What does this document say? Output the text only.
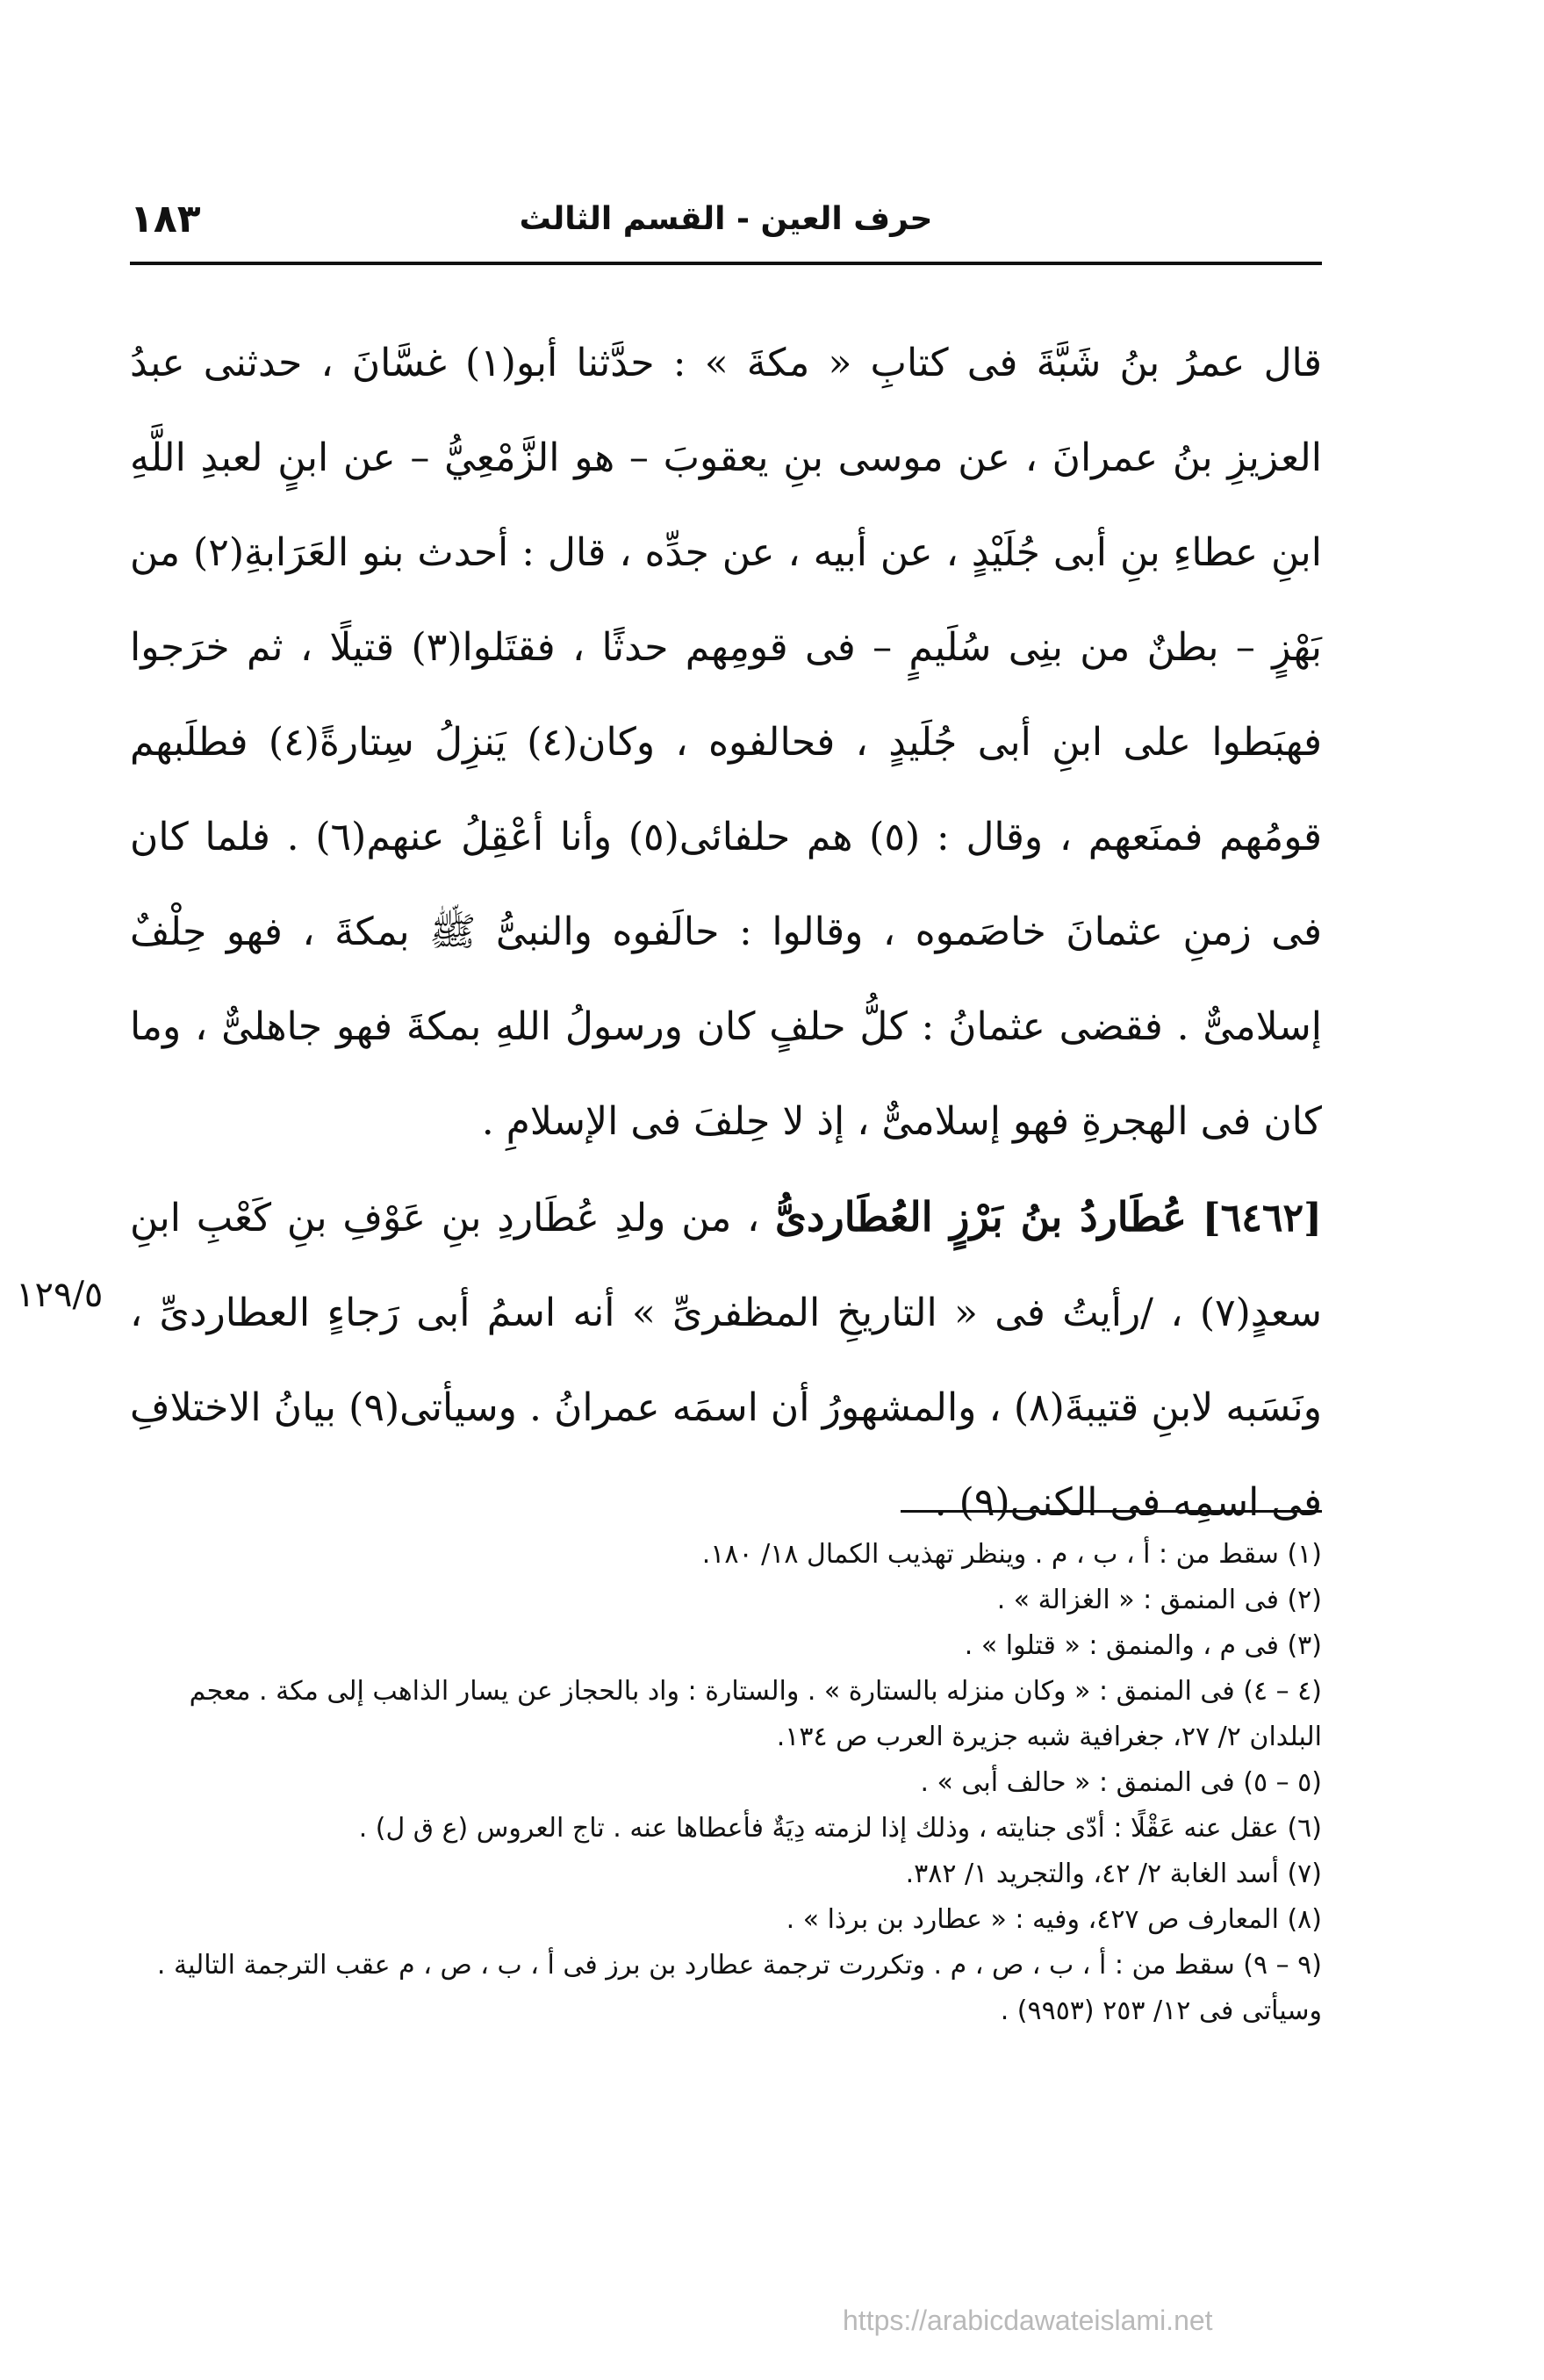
حرف العين - القسم الثالث
١٨٣

قال عمرُ بنُ شَبَّةَ فى كتابِ « مكةَ » : حدَّثنا أبو(١) غسَّانَ ، حدثنى عبدُ العزيزِ بنُ عمرانَ ، عن موسى بنِ يعقوبَ – هو الزَّمْعِيُّ – عن ابنٍ لعبدِ اللَّهِ ابنِ عطاءِ بنِ أبى جُلَيْدٍ ، عن أبيه ، عن جدِّه ، قال : أحدث بنو العَرَابةِ(٢) من بَهْزٍ – بطنٌ من بنِى سُلَيمٍ – فى قومِهم حدثًا ، فقتَلوا(٣) قتيلًا ، ثم خرَجوا فهبَطوا على ابنِ أبى جُلَيدٍ ، فحالفوه ، وكان(٤) يَنزِلُ سِتارةً(٤) فطلَبهم قومُهم فمنَعهم ، وقال : (٥) هم حلفائى(٥) وأنا أعْقِلُ عنهم(٦) . فلما كان فى زمنِ عثمانَ خاصَموه ، وقالوا : حالَفوه والنبىُّ ﷺ بمكةَ ، فهو حِلْفٌ إسلامىٌّ . فقضى عثمانُ : كلُّ حلفٍ كان ورسولُ اللهِ بمكةَ فهو جاهلىٌّ ، وما كان فى الهجرةِ فهو إسلامىٌّ ، إذ لا حِلفَ فى الإسلامِ .

[٦٤٦٢] عُطَاردُ بنُ بَرْزٍ العُطَاردىُّ ، من ولدِ عُطَاردِ بنِ عَوْفِ بنِ كَعْبِ ابنِ سعدٍ(٧) ، /رأيتُ فى « التاريخِ المظفرىِّ » أنه اسمُ أبى رَجاءٍ العطاردىِّ ، ونَسَبه لابنِ قتيبةَ(٨) ، والمشهورُ أن اسمَه عمرانُ . وسيأتى(٩) بيانُ الاختلافِ فى اسمِه فى الكنى(٩) .

١٢٩/٥

(١) سقط من : أ ، ب ، م . وينظر تهذيب الكمال ١٨/ ١٨٠.

(٢) فى المنمق : « الغزالة » .

(٣) فى م ، والمنمق : « قتلوا » .

(٤ – ٤) فى المنمق : « وكان منزله بالستارة » . والستارة : واد بالحجاز عن يسار الذاهب إلى مكة . معجم البلدان ٢/ ٢٧، جغرافية شبه جزيرة العرب ص ١٣٤.

(٥ – ٥) فى المنمق : « حالف أبى » .

(٦) عقل عنه عَقْلًا : أدّى جنايته ، وذلك إذا لزمته دِيَةٌ فأعطاها عنه . تاج العروس (ع ق ل) .

(٧) أسد الغابة ٢/ ٤٢، والتجريد ١/ ٣٨٢.

(٨) المعارف ص ٤٢٧، وفيه : « عطارد بن برذا » .

(٩ – ٩) سقط من : أ ، ب ، ص ، م . وتكررت ترجمة عطارد بن برز فى أ ، ب ، ص ، م عقب الترجمة التالية . وسيأتى فى ١٢/ ٢٥٣ (٩٩٥٣) .

https://arabicdawateislami.net
